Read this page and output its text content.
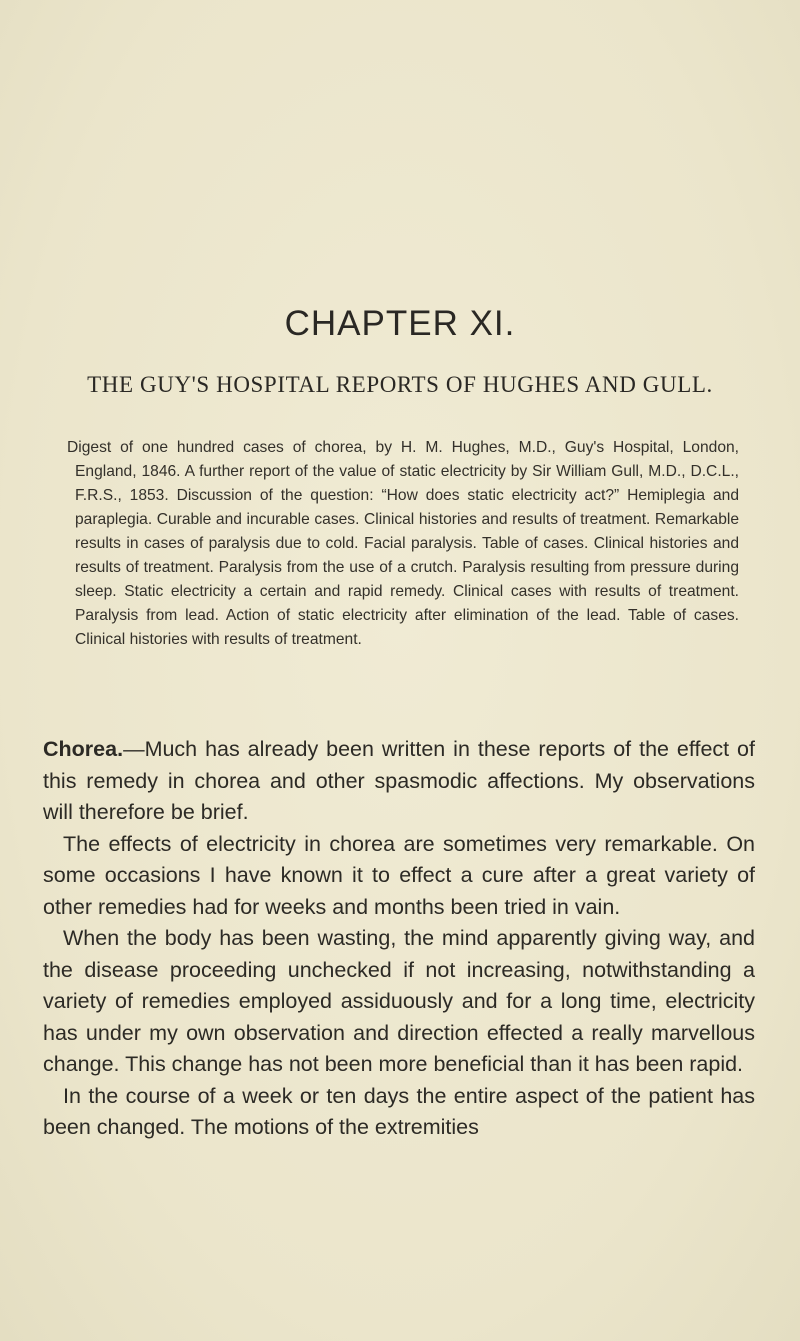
CHAPTER XI.
THE GUY'S HOSPITAL REPORTS OF HUGHES AND GULL.

Digest of one hundred cases of chorea, by H. M. Hughes, M.D., Guy's Hospital, London, England, 1846. A further report of the value of static electricity by Sir William Gull, M.D., D.C.L., F.R.S., 1853. Discussion of the question: “How does static electricity act?” Hemiplegia and paraplegia. Curable and incurable cases. Clinical histories and results of treatment. Remarkable results in cases of paralysis due to cold. Facial paralysis. Table of cases. Clinical histories and results of treatment. Paralysis from the use of a crutch. Paralysis resulting from pressure during sleep. Static electricity a certain and rapid remedy. Clinical cases with results of treatment. Paralysis from lead. Action of static electricity after elimination of the lead. Table of cases. Clinical histories with results of treatment.

Chorea.—Much has already been written in these reports of the effect of this remedy in chorea and other spasmodic affections. My observations will therefore be brief.

The effects of electricity in chorea are sometimes very remarkable. On some occasions I have known it to effect a cure after a great variety of other remedies had for weeks and months been tried in vain.

When the body has been wasting, the mind apparently giving way, and the disease proceeding unchecked if not increasing, notwithstanding a variety of remedies employed assiduously and for a long time, electricity has under my own observation and direction effected a really marvellous change. This change has not been more beneficial than it has been rapid.

In the course of a week or ten days the entire aspect of the patient has been changed. The motions of the extremities
